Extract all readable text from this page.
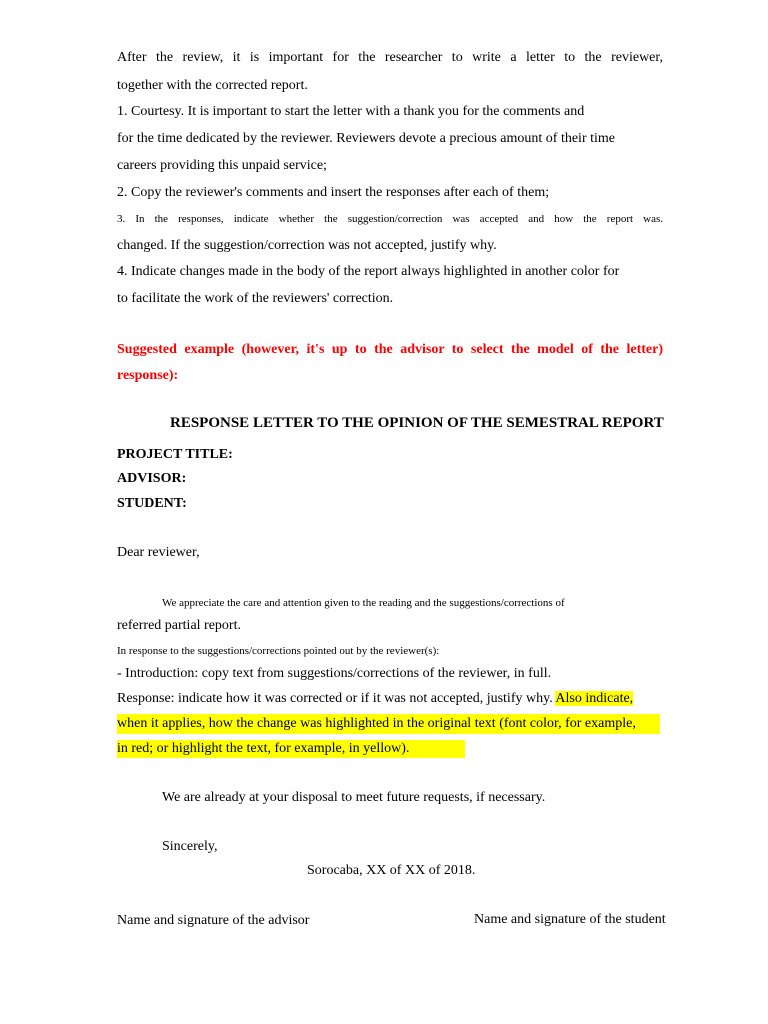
After the review, it is important for the researcher to write a letter to the reviewer,
together with the corrected report.
1. Courtesy. It is important to start the letter with a thank you for the comments and
for the time dedicated by the reviewer. Reviewers devote a precious amount of their time
careers providing this unpaid service;
2. Copy the reviewer's comments and insert the responses after each of them;
3. In the responses, indicate whether the suggestion/correction was accepted and how the report was.
changed. If the suggestion/correction was not accepted, justify why.
4. Indicate changes made in the body of the report always highlighted in another color for
to facilitate the work of the reviewers' correction.
Suggested example (however, it's up to the advisor to select the model of the letter)
response):
RESPONSE LETTER TO THE OPINION OF THE SEMESTRAL REPORT
PROJECT TITLE:
ADVISOR:
STUDENT:
Dear reviewer,
We appreciate the care and attention given to the reading and the suggestions/corrections of
referred partial report.
In response to the suggestions/corrections pointed out by the reviewer(s):
- Introduction: copy text from suggestions/corrections of the reviewer, in full.
Response: indicate how it was corrected or if it was not accepted, justify why. Also indicate,
when it applies, how the change was highlighted in the original text (font color, for example,
in red; or highlight the text, for example, in yellow).
We are already at your disposal to meet future requests, if necessary.
Sincerely,
Sorocaba, XX of XX of 2018.
Name and signature of the advisor	Name and signature of the student
